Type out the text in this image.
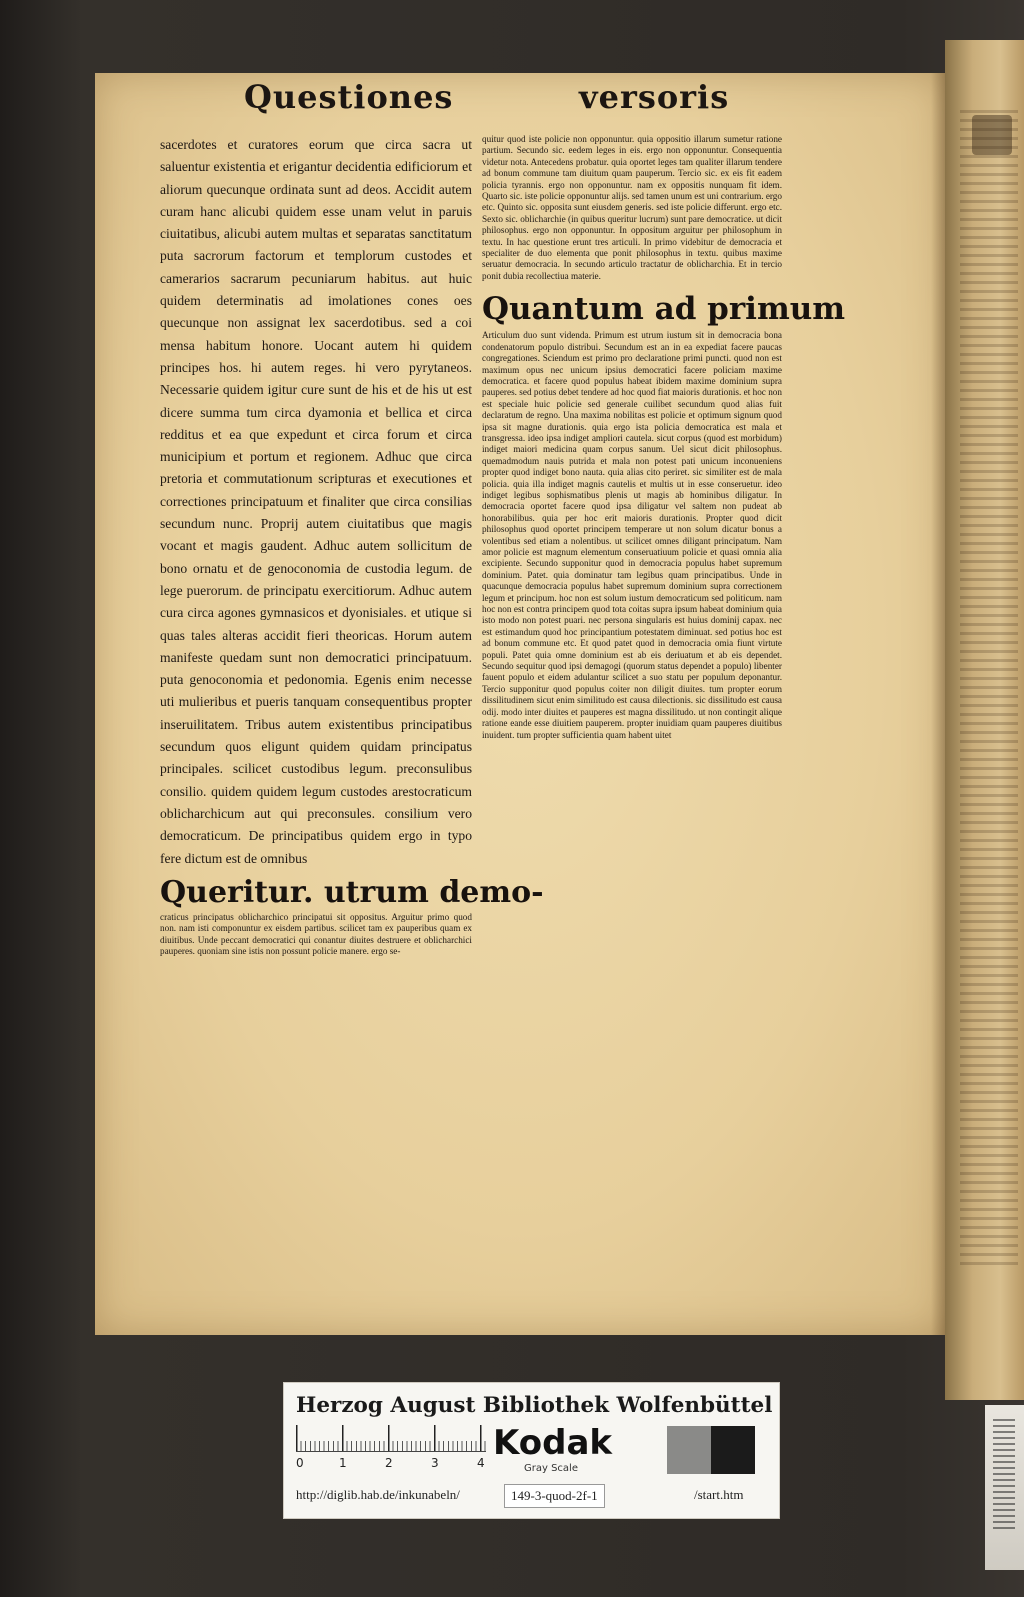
Questiones	versoris

sacerdotes et curatores eorum que circa sacra ut saluentur existentia et erigantur decidentia edificiorum et aliorum quecunque ordinata sunt ad deos. Accidit autem curam hanc alicubi quidem esse unam velut in paruis ciuitatibus, alicubi autem multas et separatas sanctitatum puta sacrorum factorum et templorum custodes et camerarios sacrarum pecuniarum habitus. aut huic quidem determinatis ad imolationes cones oes quecunque non assignat lex sacerdotibus. sed a coi mensa habitum honore. Uocant autem hi quidem principes hos. hi autem reges. hi vero pyrytaneos. Necessarie quidem igitur cure sunt de his et de his ut est dicere summa tum circa dyamonia et bellica et circa redditus et ea que expedunt et circa forum et circa municipium et portum et regionem. Adhuc que circa pretoria et commutationum scripturas et executiones et correctiones principatuum et finaliter que circa consilias secundum nunc. Proprij autem ciuitatibus que magis vocant et magis gaudent. Adhuc autem sollicitum de bono ornatu et de genoconomia de custodia legum. de lege puerorum. de principatu exercitiorum. Adhuc autem cura circa agones gymnasicos et dyonisiales. et utique si quas tales alteras accidit fieri theoricas. Horum autem manifeste quedam sunt non democratici principatuum. puta genoconomia et pedonomia. Egenis enim necesse uti mulieribus et pueris tanquam consequentibus propter inseruilitatem. Tribus autem existentibus principatibus secundum quos eligunt quidem quidam principatus principales. scilicet custodibus legum. preconsulibus consilio. quidem quidem legum custodes arestocraticum oblicharchicum aut qui preconsules. consilium vero democraticum. De principatibus quidem ergo in typo fere dictum est de omnibus

Queritur. utrum demo-

craticus principatus oblicharchico principatui sit oppositus. Arguitur primo quod non. nam isti componuntur ex eisdem partibus. scilicet tam ex pauperibus quam ex diuitibus. Unde peccant democratici qui conantur diuites destruere et oblicharchici pauperes. quoniam sine istis non possunt policie manere. ergo se-

quitur quod iste policie non opponuntur. quia oppositio illarum sumetur ratione partium. Secundo sic. eedem leges in eis. ergo non opponuntur. Consequentia videtur nota. Antecedens probatur. quia oportet leges tam qualiter illarum tendere ad bonum commune tam diuitum quam pauperum. Tercio sic. ex eis fit eadem policia tyrannis. ergo non opponuntur. nam ex oppositis nunquam fit idem. Quarto sic. iste policie opponuntur alijs. sed tamen unum est uni contrarium. ergo etc. Quinto sic. opposita sunt eiusdem generis. sed iste policie differunt. ergo etc. Sexto sic. oblicharchie (in quibus queritur lucrum) sunt pare democratice. ut dicit philosophus. ergo non opponuntur. In oppositum arguitur per philosophum in textu. In hac questione erunt tres articuli. In primo videbitur de democracia et specialiter de duo elementa que ponit philosophus in textu. quibus maxime seruatur democracia. In secundo articulo tractatur de oblicharchia. Et in tercio ponit dubia recollectiua materie.

Quantum ad primum

Articulum duo sunt videnda. Primum est utrum iustum sit in democracia bona condenatorum populo distribui. Secundum est an in ea expediat facere paucas congregationes. Sciendum est primo pro declaratione primi puncti. quod non est maximum opus nec unicum ipsius democratici facere policiam maxime democratica. et facere quod populus habeat ibidem maxime dominium supra pauperes. sed potius debet tendere ad hoc quod fiat maioris durationis. et hoc non est speciale huic policie sed generale cuilibet secundum quod alias fuit declaratum de regno. Una maxima nobilitas est policie et optimum signum quod ipsa sit magne durationis. quia ergo ista policia democratica est mala et transgressa. ideo ipsa indiget ampliori cautela. sicut corpus (quod est morbidum) indiget maiori medicina quam corpus sanum. Uel sicut dicit philosophus. quemadmodum nauis putrida et mala non potest pati unicum inconueniens propter quod indiget bono nauta. quia alias cito periret. sic similiter est de mala policia. quia illa indiget magnis cautelis et multis ut in esse conseruetur. ideo indiget legibus sophismatibus plenis ut magis ab hominibus diligatur. In democracia oportet facere quod ipsa diligatur vel saltem non pudeat ab honorabilibus. quia per hoc erit maioris durationis. Propter quod dicit philosophus quod oportet principem temperare ut non solum dicatur bonus a volentibus sed etiam a nolentibus. ut scilicet omnes diligant principatum. Nam amor policie est magnum elementum conseruatiuum policie et quasi omnia alia excipiente. Secundo supponitur quod in democracia populus habet supremum dominium. Patet. quia dominatur tam legibus quam principatibus. Unde in quacunque democracia populus habet supremum dominium supra correctionem legum et principum. hoc non est solum iustum democraticum sed politicum. nam hoc non est contra principem quod tota coitas supra ipsum habeat dominium quia isto modo non potest puari. nec persona singularis est huius dominij capax. nec est estimandum quod hoc principantium potestatem diminuat. sed potius hoc est ad bonum commune etc. Et quod patet quod in democracia omia fiunt virtute populi. Patet quia omne dominium est ab eis deriuatum et ab eis dependet. Secundo sequitur quod ipsi demagogi (quorum status dependet a populo) libenter fauent populo et eidem adulantur scilicet a suo statu per populum deponantur. Tercio supponitur quod populus coiter non diligit diuites. tum propter eorum dissilitudinem sicut enim similitudo est causa dilectionis. sic dissilitudo est causa odij. modo inter diuites et pauperes est magna dissilitudo. ut non contingit alique ratione eande esse diuitiem pauperem. propter inuidiam quam pauperes diuitibus inuident. tum propter sufficientia quam habent uitet

Herzog August Bibliothek Wolfenbüttel
0	1	2	3	4 Kodak
Gray Scale
http://diglib.hab.de/inkunabeln/	149-3-quod-2f-1	/start.htm
